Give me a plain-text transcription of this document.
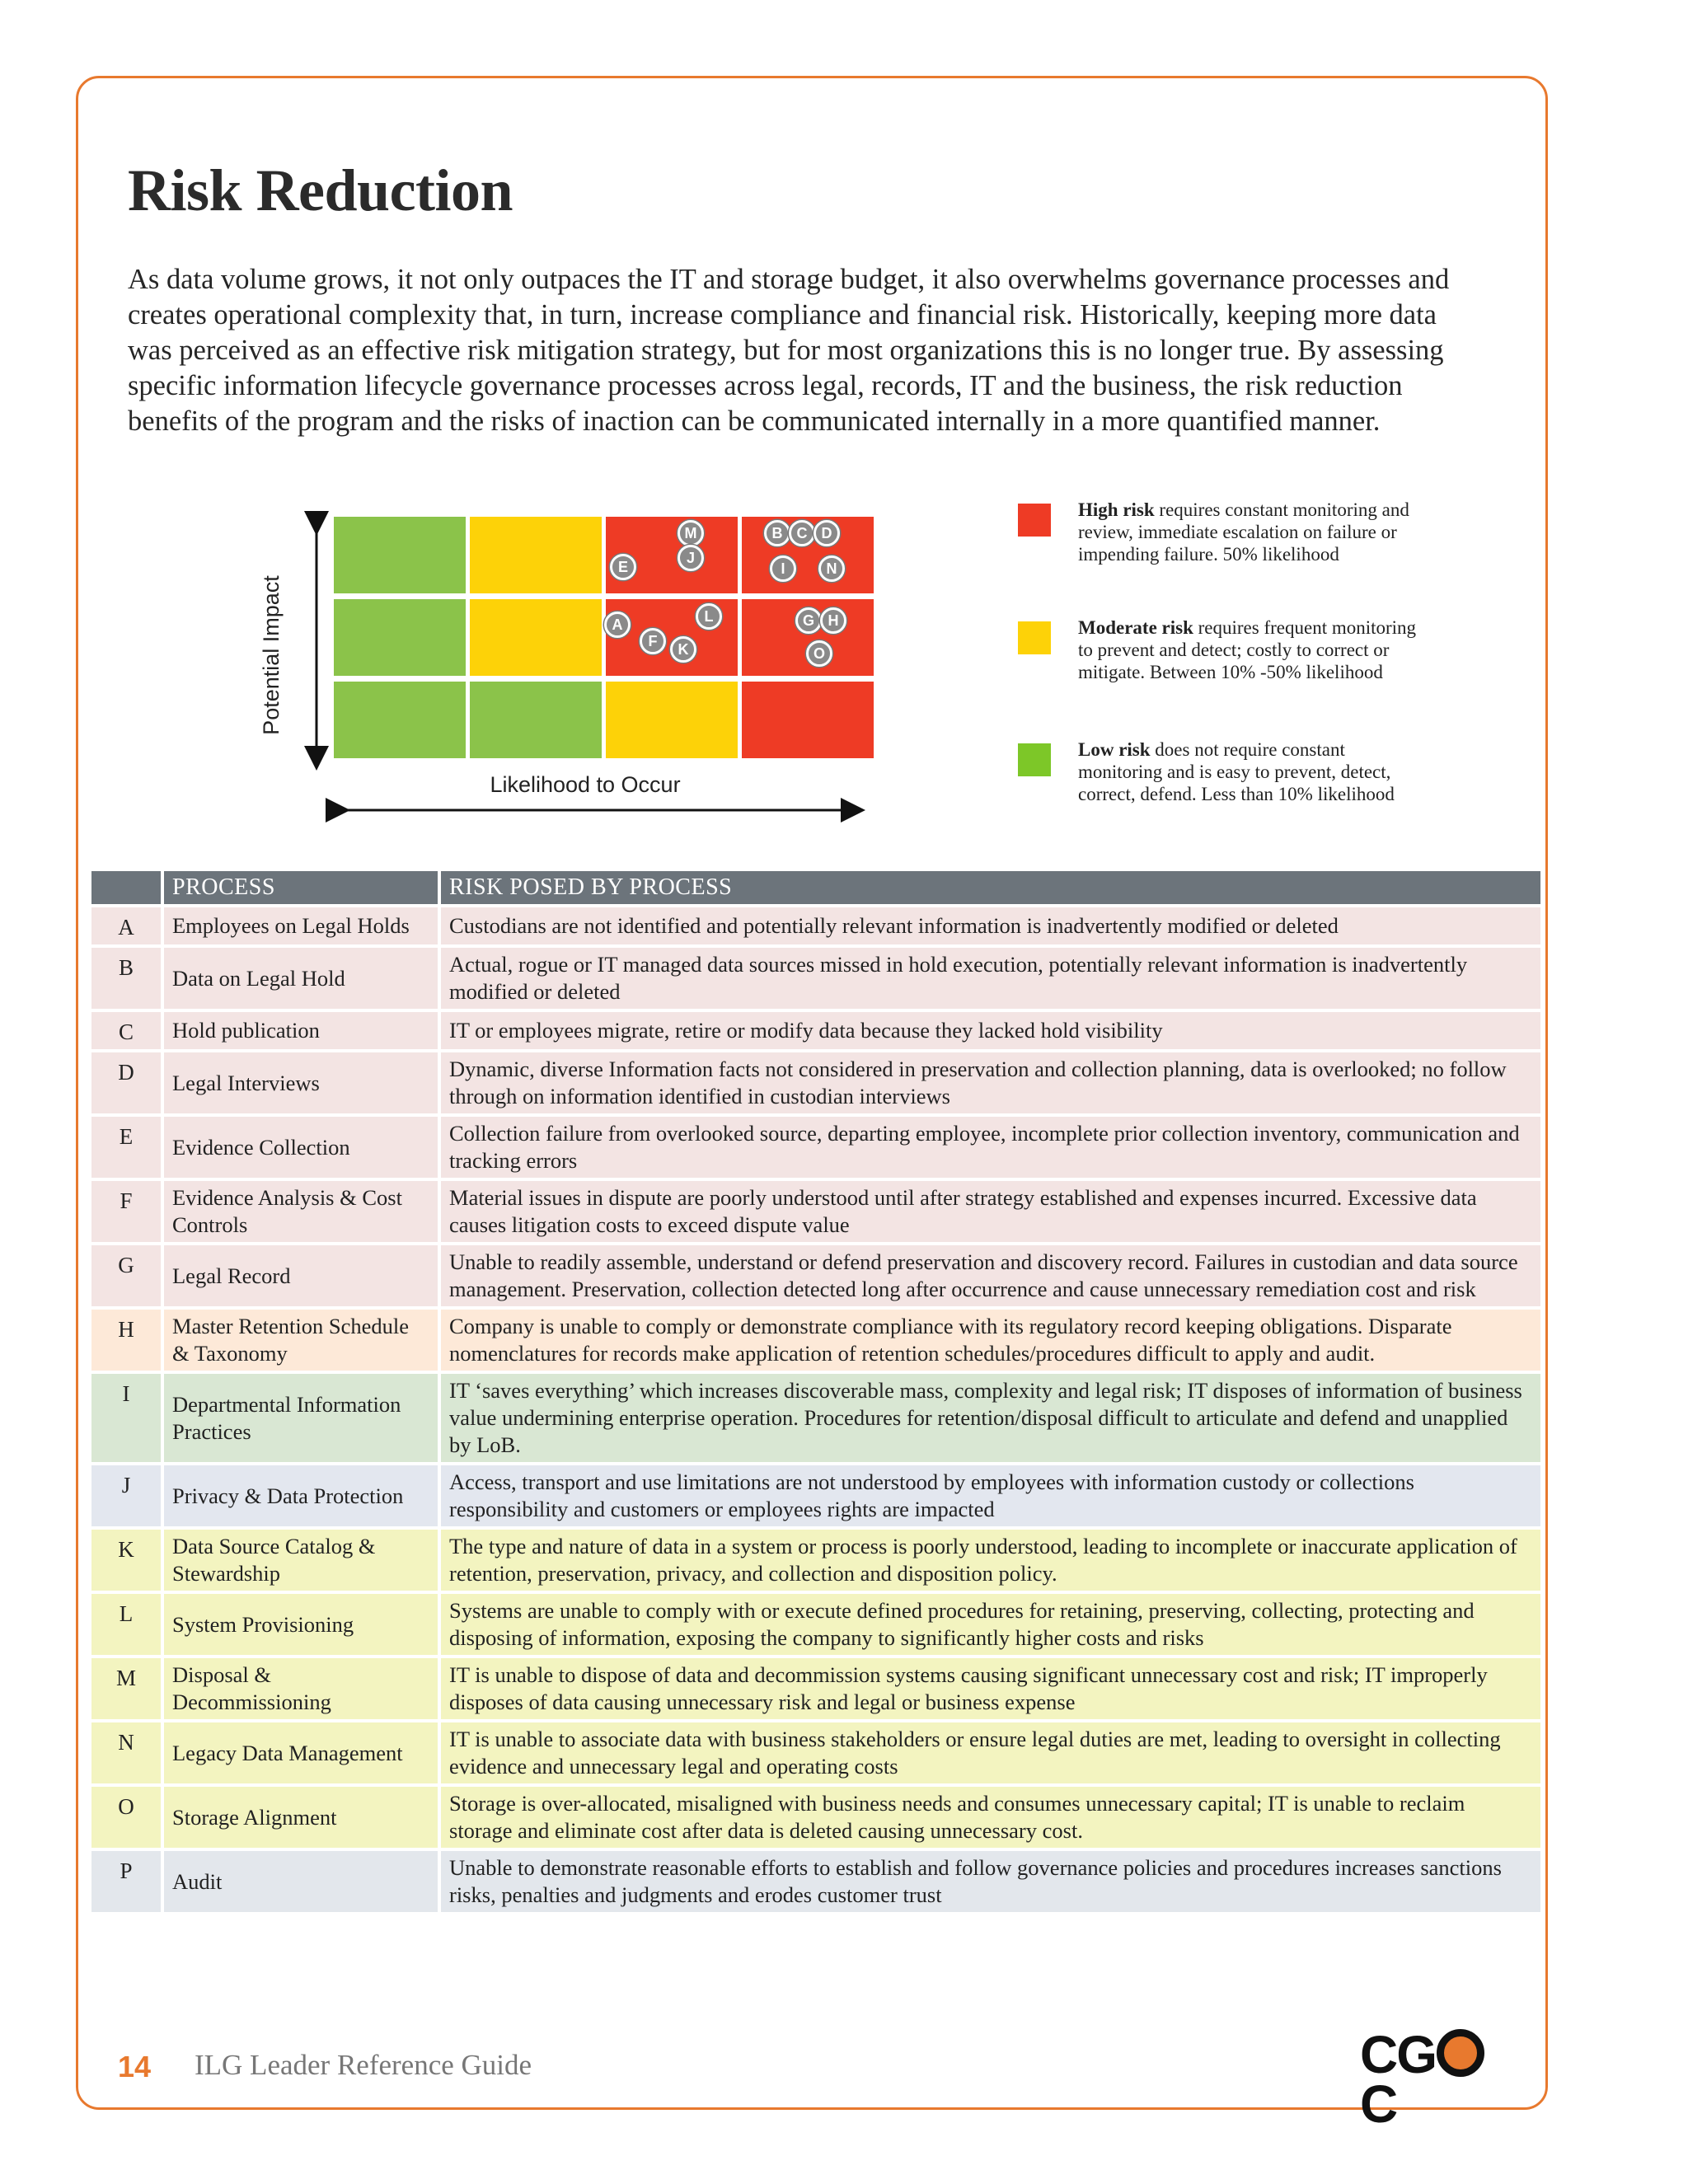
Risk Reduction

As data volume grows, it not only outpaces the IT and storage budget, it also overwhelms governance processes and creates operational complexity that, in turn, increase compliance and financial risk. Historically, keeping more data was perceived as an effective risk mitigation strategy, but for most organizations this is no longer true. By assessing specific information lifecycle governance processes across legal, records, IT and the business, the risk reduction benefits of the program and the risks of inaction can be communicated internally in a more quantified manner.

Potential Impact
M
J
E
B C D
I	N
L
A
F	K
G H
O
Likelihood to Occur
High risk requires constant monitoring and review, immediate escalation on failure or impending failure. 50% likelihood
Moderate risk requires frequent monitoring to prevent and detect; costly to correct or mitigate. Between 10% -50% likelihood
Low risk does not require constant monitoring and is easy to prevent, detect, correct, defend. Less than 10% likelihood
	PROCESS	RISK POSED BY PROCESS
A	Employees on Legal Holds	Custodians are not identified and potentially relevant information is inadvertently modified or deleted
B	Data on Legal Hold	Actual, rogue or IT managed data sources missed in hold execution, potentially relevant information is inadvertently modified or deleted
C	Hold publication	IT or employees migrate, retire or modify data because they lacked hold visibility
D	Legal Interviews	Dynamic, diverse Information facts not considered in preservation and collection planning, data is overlooked; no follow through on information identified in custodian interviews
E	Evidence Collection	Collection failure from overlooked source, departing employee, incomplete prior collection inventory, communication and tracking errors
F	Evidence Analysis & Cost Controls	Material issues in dispute are poorly understood until after strategy established and expenses incurred. Excessive data causes litigation costs to exceed dispute value
G	Legal Record	Unable to readily assemble, understand or defend preservation and discovery record. Failures in custodian and data source management. Preservation, collection detected long after occurrence and cause unnecessary remediation cost and risk
H	Master Retention Schedule & Taxonomy	Company is unable to comply or demonstrate compliance with its regulatory record keeping obligations. Disparate nomenclatures for records make application of retention schedules/procedures difficult to apply and audit.
I	Departmental Information Practices	IT ‘saves everything’ which increases discoverable mass, complexity and legal risk; IT disposes of information of business value undermining enterprise operation. Procedures for retention/disposal difficult to articulate and defend and unapplied by LoB.
J	Privacy & Data Protection	Access, transport and use limitations are not understood by employees with information custody or collections responsibility and customers or employees rights are impacted
K	Data Source Catalog & Stewardship	The type and nature of data in a system or process is poorly understood, leading to incomplete or inaccurate application of retention, preservation, privacy, and collection and disposition policy.
L	System Provisioning	Systems are unable to comply with or execute defined procedures for retaining, preserving, collecting, protecting and disposing of information, exposing the company to significantly higher costs and risks
M	Disposal & Decommissioning	IT is unable to dispose of data and decommission systems causing significant unnecessary cost and risk; IT improperly disposes of data causing unnecessary risk and legal or business expense
N	Legacy Data Management	IT is unable to associate data with business stakeholders or ensure legal duties are met, leading to oversight in collecting evidence and unnecessary legal and operating costs
O	Storage Alignment	Storage is over-allocated, misaligned with business needs and consumes unnecessary capital; IT is unable to reclaim storage and eliminate cost after data is deleted causing unnecessary cost.
P	Audit	Unable to demonstrate reasonable efforts to establish and follow governance policies and procedures increases sanctions risks, penalties and judgments and erodes customer trust
14 ILG Leader Reference Guide	CGC
